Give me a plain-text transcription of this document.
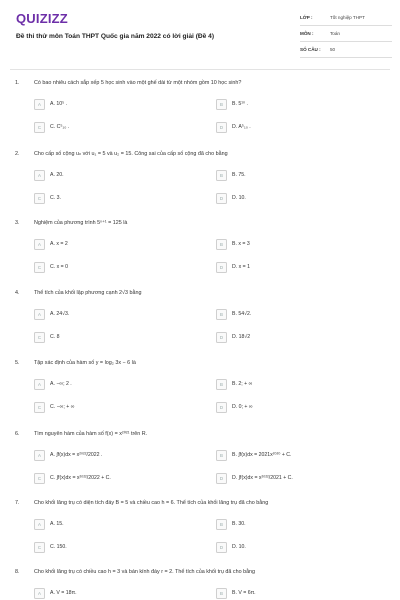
QUIZIZZ
Đề thi thử môn Toán THPT Quốc gia năm 2022 có lời giải (Đề 4)
LỚP :	Tốt nghiệp THPT
MÔN :	Toán
SỐ CÂU :	50
1.	Có bao nhiêu cách sắp xếp 5 học sinh vào một ghế dài từ một nhóm gồm 10 học sinh?
A	A. 10⁵ .	B	B. 5¹⁰ .
C	C. C⁵₁₀ .	D	D. A⁵₁₀ .
2.	Cho cấp số cộng uₙ với u₁ = 5 và u₂ = 15. Công sai của cấp số cộng đã cho bằng
A	A. 20.	B	B. 75.
C	C. 3.	D	D. 10.
3.	Nghiệm của phương trình 5ˣ⁺¹ = 125 là
A	A. x = 2	B	B. x = 3
C	C. x = 0	D	D. x = 1
4.	Thể tích của khối lập phương cạnh 2√3 bằng
A	A. 24√3.	B	B. 54√2.
C	C. 8	D	D. 18√2
5.	Tập xác định của hàm số y = log₂ 3x − 6 là
A	A. −∞; 2 .	B	B. 2; + ∞
C	C. −∞; + ∞	D	D. 0; + ∞
6.	Tìm nguyên hàm của hàm số f(x) = x²⁰²¹ trên R.
A	A. ∫f(x)dx = x²⁰²²/2022 .	B	B. ∫f(x)dx = 2021x²⁰²⁰ + C.
C	C. ∫f(x)dx = x²⁰²²/2022 + C.	D	D. ∫f(x)dx = x²⁰²²/2021 + C.
7.	Cho khối lăng trụ có diện tích đáy B = 5 và chiều cao h = 6. Thể tích của khối lăng trụ đã cho bằng
A	A. 15.	B	B. 30.
C	C. 150.	D	D. 10.
8.	Cho khối lăng trụ có chiều cao h = 3 và bán kính đáy r = 2. Thể tích của khối trụ đã cho bằng
A	A. V = 18π.	B	B. V = 6π.
